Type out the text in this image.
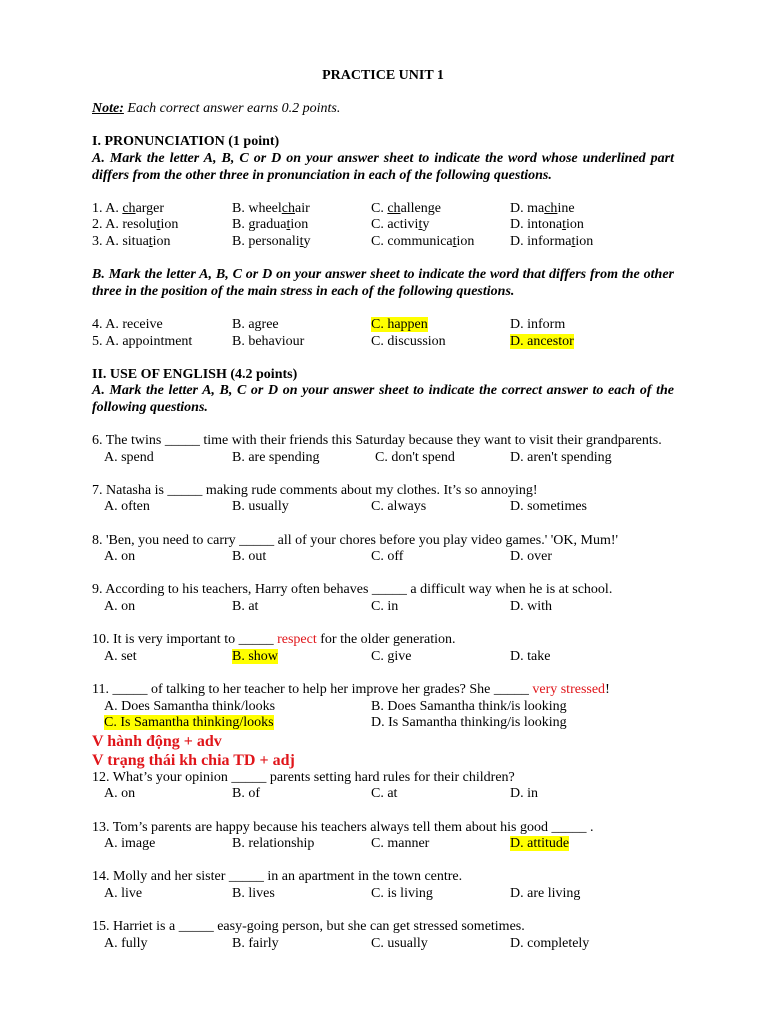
PRACTICE UNIT 1

Note: Each correct answer earns 0.2 points.

I. PRONUNCIATION (1 point)

A. Mark the letter A, B, C or D on your answer sheet to indicate the word whose underlined part differs from the other three in pronunciation in each of the following questions.

1. A. charger	B. wheelchair	C. challenge	D. machine
2. A. resolution	B. graduation	C. activity	D. intonation
3. A. situation	B. personality	C. communication	D. information

B. Mark the letter A, B, C or D on your answer sheet to indicate the word that differs from the other three in the position of the main stress in each of the following questions.

4. A. receive	B. agree	C. happen	D. inform
5. A. appointment	B. behaviour	C. discussion	D. ancestor

II. USE OF ENGLISH (4.2 points)

A. Mark the letter A, B, C or D on your answer sheet to indicate the correct answer to each of the following questions.

6. The twins _____ time with their friends this Saturday because they want to visit their grandparents.

A. spend	B. are spending	C. don't spend	D. aren't spending

7. Natasha is _____ making rude comments about my clothes. It’s so annoying!

A. often	B. usually	C. always	D. sometimes

8. 'Ben, you need to carry _____ all of your chores before you play video games.' 'OK, Mum!'

A. on	B. out	C. off	D. over

9. According to his teachers, Harry often behaves _____ a difficult way when he is at school.

A. on	B. at	C. in	D. with

10. It is very important to _____ respect for the older generation.

A. set	B. show	C. give	D. take

11. _____ of talking to her teacher to help her improve her grades? She _____ very stressed!

A. Does Samantha think/looks	B. Does Samantha think/is looking
C. Is Samantha thinking/looks	D. Is Samantha thinking/is looking

V hành động + adv

V trạng thái kh chia TD + adj

12. What’s your opinion _____ parents setting hard rules for their children?

A. on	B. of	C. at	D. in

13. Tom’s parents are happy because his teachers always tell them about his good _____ .

A. image	B. relationship	C. manner	D. attitude

14. Molly and her sister _____ in an apartment in the town centre.

A. live	B. lives	C. is living	D. are living

15. Harriet is a _____ easy-going person, but she can get stressed sometimes.

A. fully	B. fairly	C. usually	D. completely
